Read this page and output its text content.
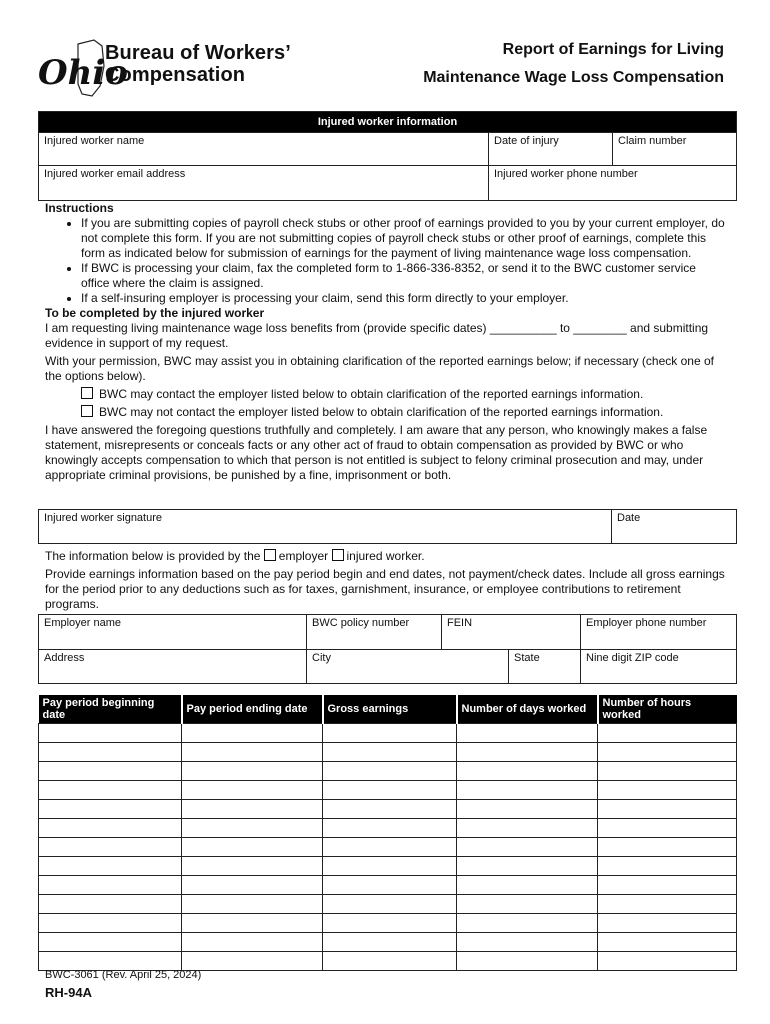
Ohio
Bureau of Workers’
Compensation
Report of Earnings for Living
Maintenance Wage Loss Compensation
Injured worker information		
Injured worker name	Date of injury	Claim number
Injured worker email address	Injured worker phone number	

Instructions

• If you are submitting copies of payroll check stubs or other proof of earnings provided to you by your current employer, do not complete this form. If you are not submitting copies of payroll check stubs or other proof of earnings, complete this form as indicated below for submission of earnings for the payment of living maintenance wage loss compensation.
• If BWC is processing your claim, fax the completed form to 1-866-336-8352, or send it to the BWC customer service office where the claim is assigned.
• If a self-insuring employer is processing your claim, send this form directly to your employer.

To be completed by the injured worker

I am requesting living maintenance wage loss benefits from (provide specific dates) __________ to ________ and submitting evidence in support of my request.

With your permission, BWC may assist you in obtaining clarification of the reported earnings below; if necessary (check one of the options below).

BWC may contact the employer listed below to obtain clarification of the reported earnings information.

BWC may not contact the employer listed below to obtain clarification of the reported earnings information.

I have answered the foregoing questions truthfully and completely. I am aware that any person, who knowingly makes a false statement, misrepresents or conceals facts or any other act of fraud to obtain compensation as provided by BWC or who knowingly accepts compensation to which that person is not entitled is subject to felony criminal prosecution and may, under appropriate criminal provisions, be punished by a fine, imprisonment or both.

Injured worker signature	Date

The information below is provided by the employer injured worker.

Provide earnings information based on the pay period begin and end dates, not payment/check dates. Include all gross earnings for the period prior to any deductions such as for taxes, garnishment, insurance, or employee contributions to retirement programs.

Employer name	BWC policy number	FEIN		Employer phone number
Address	City		State	Nine digit ZIP code
Pay period beginning date	Pay period ending date	Gross earnings	Number of days worked	Number of hours worked

BWC-3061 (Rev. April 25, 2024)
RH-94A
